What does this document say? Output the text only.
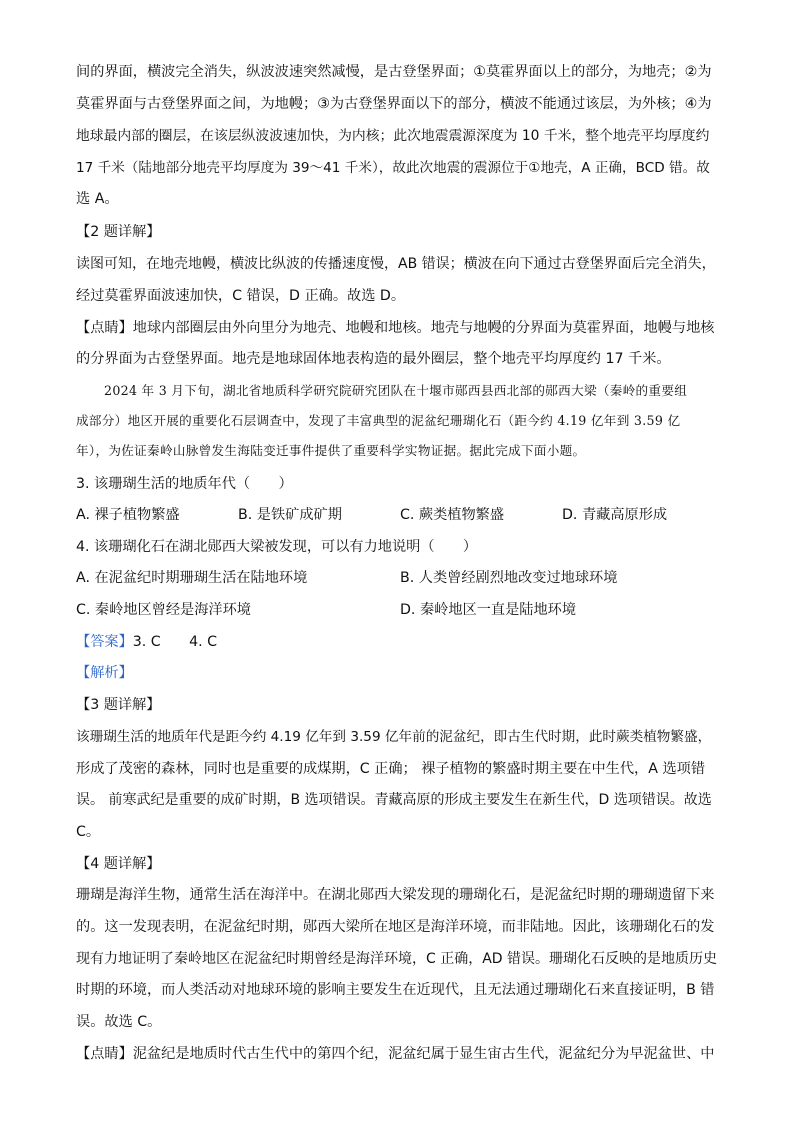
间的界面，横波完全消失，纵波波速突然减慢，是古登堡界面；①莫霍界面以上的部分，为地壳；②为
莫霍界面与古登堡界面之间，为地幔；③为古登堡界面以下的部分，横波不能通过该层，为外核；④为
地球最内部的圈层，在该层纵波波速加快，为内核；此次地震震源深度为 10 千米，整个地壳平均厚度约
17 千米（陆地部分地壳平均厚度为 39～41 千米），故此次地震的震源位于①地壳，A 正确，BCD 错。故
选 A。
【2 题详解】
读图可知，在地壳地幔，横波比纵波的传播速度慢，AB 错误；横波在向下通过古登堡界面后完全消失，
经过莫霍界面波速加快，C 错误，D 正确。故选 D。
【点睛】地球内部圈层由外向里分为地壳、地幔和地核。地壳与地幔的分界面为莫霍界面，地幔与地核
的分界面为古登堡界面。地壳是地球固体地表构造的最外圈层，整个地壳平均厚度约 17 千米。
2024 年 3 月下旬，湖北省地质科学研究院研究团队在十堰市郧西县西北部的郧西大梁（秦岭的重要组
成部分）地区开展的重要化石层调查中，发现了丰富典型的泥盆纪珊瑚化石（距今约 4.19 亿年到 3.59 亿
年），为佐证秦岭山脉曾发生海陆变迁事件提供了重要科学实物证据。据此完成下面小题。
3. 该珊瑚生活的地质年代（　　）
A. 裸子植物繁盛	B. 是铁矿成矿期	C. 蕨类植物繁盛	D. 青藏高原形成
4. 该珊瑚化石在湖北郧西大梁被发现，可以有力地说明（　　）
A. 在泥盆纪时期珊瑚生活在陆地环境	B. 人类曾经剧烈地改变过地球环境
C. 秦岭地区曾经是海洋环境	D. 秦岭地区一直是陆地环境
【答案】3. C　　4. C
【解析】
【3 题详解】
该珊瑚生活的地质年代是距今约 4.19 亿年到 3.59 亿年前的泥盆纪，即古生代时期，此时蕨类植物繁盛，
形成了茂密的森林，同时也是重要的成煤期，C 正确； 裸子植物的繁盛时期主要在中生代，A 选项错
误。 前寒武纪是重要的成矿时期，B 选项错误。青藏高原的形成主要发生在新生代，D 选项错误。故选
C。
【4 题详解】
珊瑚是海洋生物，通常生活在海洋中。在湖北郧西大梁发现的珊瑚化石，是泥盆纪时期的珊瑚遗留下来
的。这一发现表明，在泥盆纪时期，郧西大梁所在地区是海洋环境，而非陆地。因此，该珊瑚化石的发
现有力地证明了秦岭地区在泥盆纪时期曾经是海洋环境，C 正确，AD 错误。珊瑚化石反映的是地质历史
时期的环境，而人类活动对地球环境的影响主要发生在近现代，且无法通过珊瑚化石来直接证明，B 错
误。故选 C。
【点睛】泥盆纪是地质时代古生代中的第四个纪，泥盆纪属于显生宙古生代，泥盆纪分为早泥盆世、中
